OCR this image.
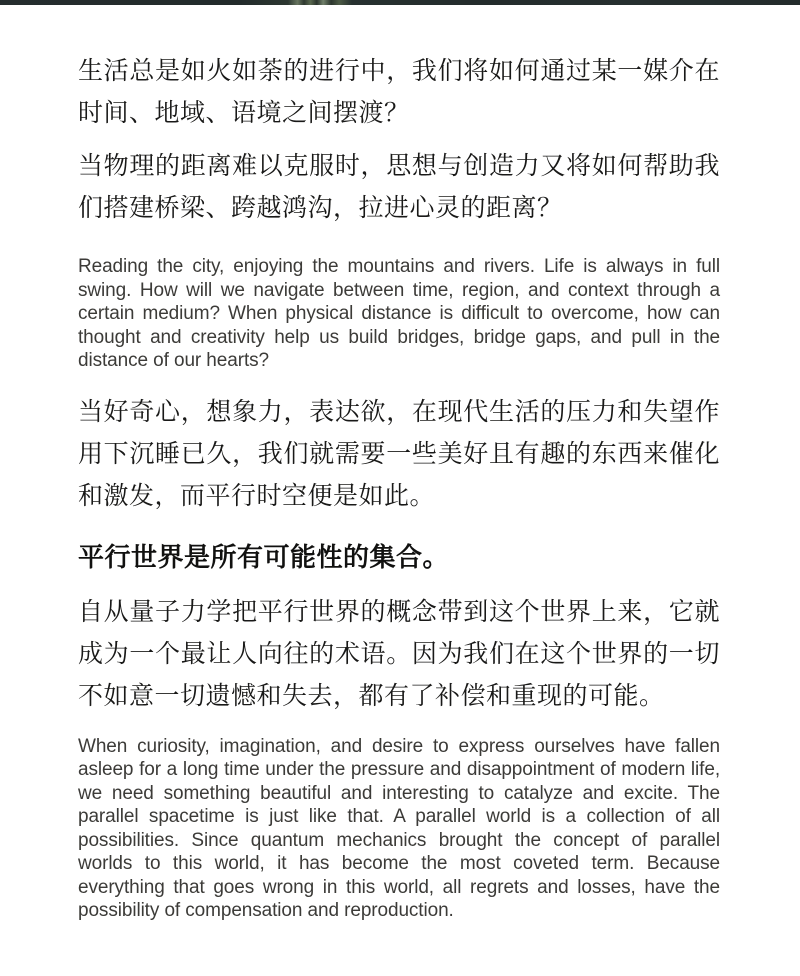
生活总是如火如荼的进行中，我们将如何通过某一媒介在时间、地域、语境之间摆渡？

当物理的距离难以克服时，思想与创造力又将如何帮助我们搭建桥梁、跨越鸿沟，拉进心灵的距离？

Reading the city, enjoying the mountains and rivers. Life is always in full swing. How will we navigate between time, region, and context through a certain medium? When physical distance is difficult to overcome, how can thought and creativity help us build bridges, bridge gaps, and pull in the distance of our hearts?

当好奇心，想象力，表达欲，在现代生活的压力和失望作用下沉睡已久，我们就需要一些美好且有趣的东西来催化和激发，而平行时空便是如此。

平行世界是所有可能性的集合。

自从量子力学把平行世界的概念带到这个世界上来，它就成为一个最让人向往的术语。因为我们在这个世界的一切不如意一切遗憾和失去，都有了补偿和重现的可能。

When curiosity, imagination, and desire to express ourselves have fallen asleep for a long time under the pressure and disappointment of modern life, we need something beautiful and interesting to catalyze and excite. The parallel spacetime is just like that. A parallel world is a collection of all possibilities. Since quantum mechanics brought the concept of parallel worlds to this world, it has become the most coveted term. Because everything that goes wrong in this world, all regrets and losses, have the possibility of compensation and reproduction.
